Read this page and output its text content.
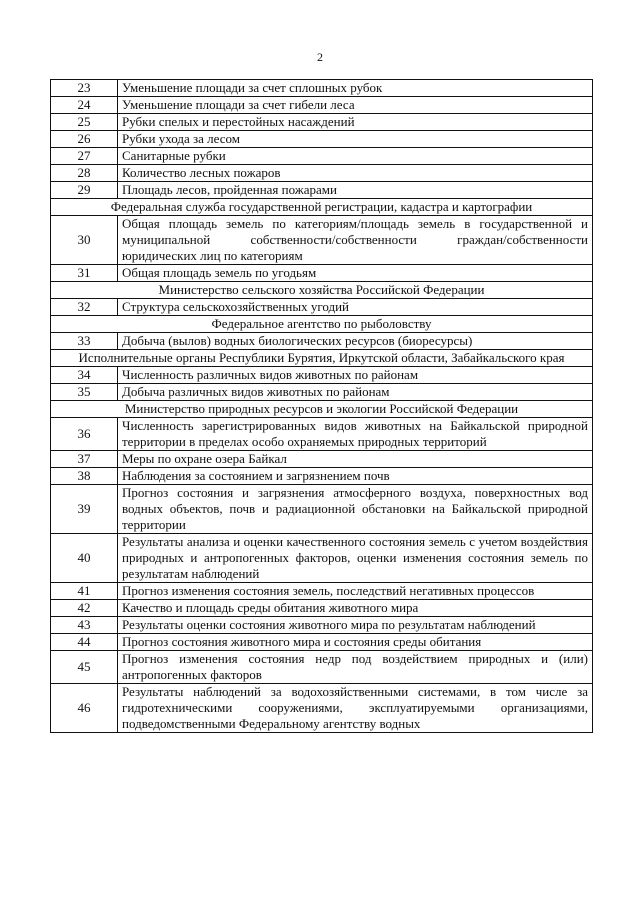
2
23	Уменьшение площади за счет сплошных рубок
24	Уменьшение площади за счет гибели леса
25	Рубки спелых и перестойных насаждений
26	Рубки ухода за лесом
27	Санитарные рубки
28	Количество лесных пожаров
29	Площадь лесов, пройденная пожарами
Федеральная служба государственной регистрации, кадастра и картографии	
30	Общая площадь земель по категориям/площадь земель в государственной и муниципальной собственности/собственности граждан/собственности юридических лиц по категориям
31	Общая площадь земель по угодьям
Министерство сельского хозяйства Российской Федерации	
32	Структура сельскохозяйственных угодий
Федеральное агентство по рыболовству	
33	Добыча (вылов) водных биологических ресурсов (биоресурсы)
Исполнительные органы Республики Бурятия, Иркутской области, Забайкальского края	
34	Численность различных видов животных по районам
35	Добыча различных видов животных по районам
Министерство природных ресурсов и экологии Российской Федерации	
36	Численность зарегистрированных видов животных на Байкальской природной территории в пределах особо охраняемых природных территорий
37	Меры по охране озера Байкал
38	Наблюдения за состоянием и загрязнением почв
39	Прогноз состояния и загрязнения атмосферного воздуха, поверхностных вод водных объектов, почв и радиационной обстановки на Байкальской природной территории
40	Результаты анализа и оценки качественного состояния земель с учетом воздействия природных и антропогенных факторов, оценки изменения состояния земель по результатам наблюдений
41	Прогноз изменения состояния земель, последствий негативных процессов
42	Качество и площадь среды обитания животного мира
43	Результаты оценки состояния животного мира по результатам наблюдений
44	Прогноз состояния животного мира и состояния среды обитания
45	Прогноз изменения состояния недр под воздействием природных и (или) антропогенных факторов
46	Результаты наблюдений за водохозяйственными системами, в том числе за гидротехническими сооружениями, эксплуатируемыми организациями, подведомственными Федеральному агентству водных
